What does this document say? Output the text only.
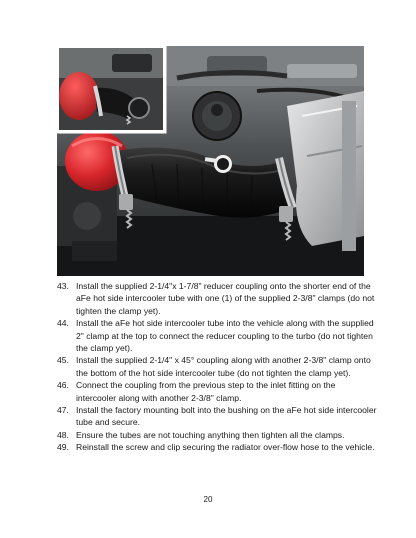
43. Install the supplied 2-1/4"x 1-7/8" reducer coupling onto the shorter end of the aFe hot side intercooler tube with one (1) of the supplied 2-3/8" clamps (do not tighten the clamp yet).
44. Install the aFe hot side intercooler tube into the vehicle along with the supplied 2" clamp at the top to connect the reducer coupling to the turbo (do not tighten the clamp yet).
45. Install the supplied 2-1/4" x 45° coupling along with another 2-3/8" clamp onto the bottom of the hot side intercooler tube (do not tighten the clamp yet).
46. Connect the coupling from the previous step to the inlet fitting on the intercooler along with another 2-3/8" clamp.
47. Install the factory mounting bolt into the bushing on the aFe hot side intercooler tube and secure.
48. Ensure the tubes are not touching anything then tighten all the clamps.
49. Reinstall the screw and clip securing the radiator over-flow hose to the vehicle.
20
